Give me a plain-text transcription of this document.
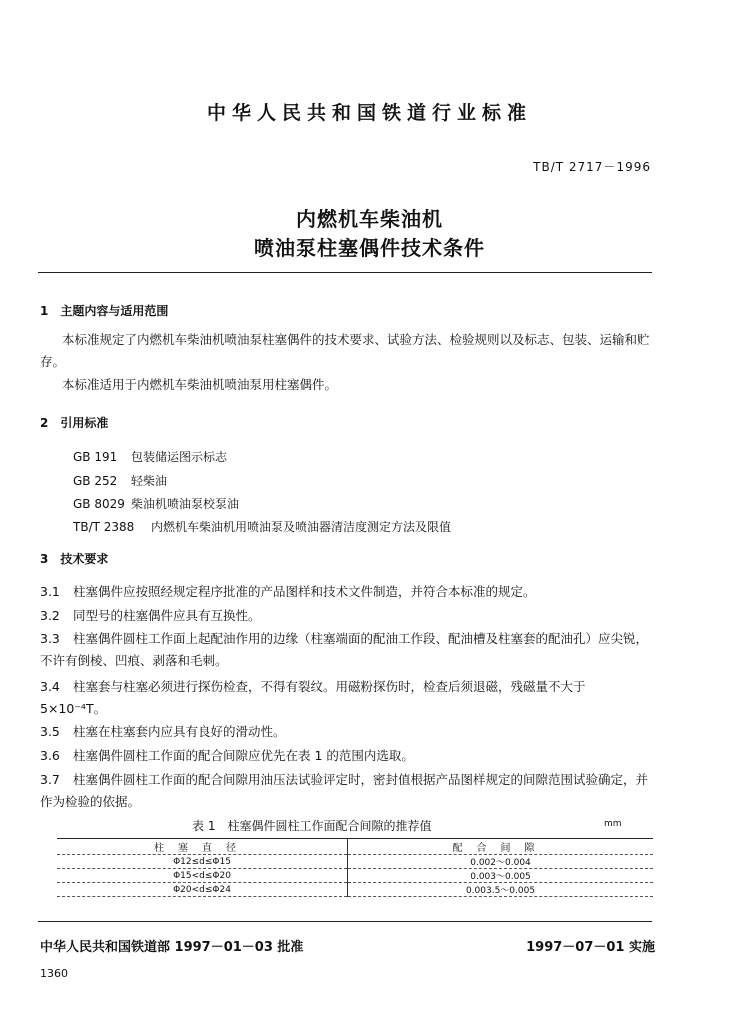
中华人民共和国铁道行业标准
TB/T 2717－1996
内燃机车柴油机
喷油泵柱塞偶件技术条件
1　主题内容与适用范围
本标准规定了内燃机车柴油机喷油泵柱塞偶件的技术要求、试验方法、检验规则以及标志、包装、运输和贮存。
本标准适用于内燃机车柴油机喷油泵用柱塞偶件。
2　引用标准
GB 191 包装储运图示标志
GB 252 轻柴油
GB 8029 柴油机喷油泵校泵油
TB/T 2388 内燃机车柴油机用喷油泵及喷油器清洁度测定方法及限值
3　技术要求
3.1 柱塞偶件应按照经规定程序批准的产品图样和技术文件制造，并符合本标准的规定。
3.2 同型号的柱塞偶件应具有互换性。
3.3 柱塞偶件圆柱工作面上起配油作用的边缘（柱塞端面的配油工作段、配油槽及柱塞套的配油孔）应尖锐，不许有倒棱、凹痕、剥落和毛刺。
3.4 柱塞套与柱塞必须进行探伤检查，不得有裂纹。用磁粉探伤时，检查后须退磁，残磁量不大于 5×10⁻⁴T。
3.5 柱塞在柱塞套内应具有良好的滑动性。
3.6 柱塞偶件圆柱工作面的配合间隙应优先在表 1 的范围内选取。
3.7 柱塞偶件圆柱工作面的配合间隙用油压法试验评定时，密封值根据产品图样规定的间隙范围试验确定，并作为检验的依据。
表 1　柱塞偶件圆柱工作面配合间隙的推荐值	mm
柱塞直径	配合间隙
Φ12≤d≤Φ15	0.002～0.004
Φ15<d≤Φ20	0.003～0.005
Φ20<d≤Φ24	0.003.5～0.005
中华人民共和国铁道部 1997－01－03 批准	1997－07－01 实施
1360
